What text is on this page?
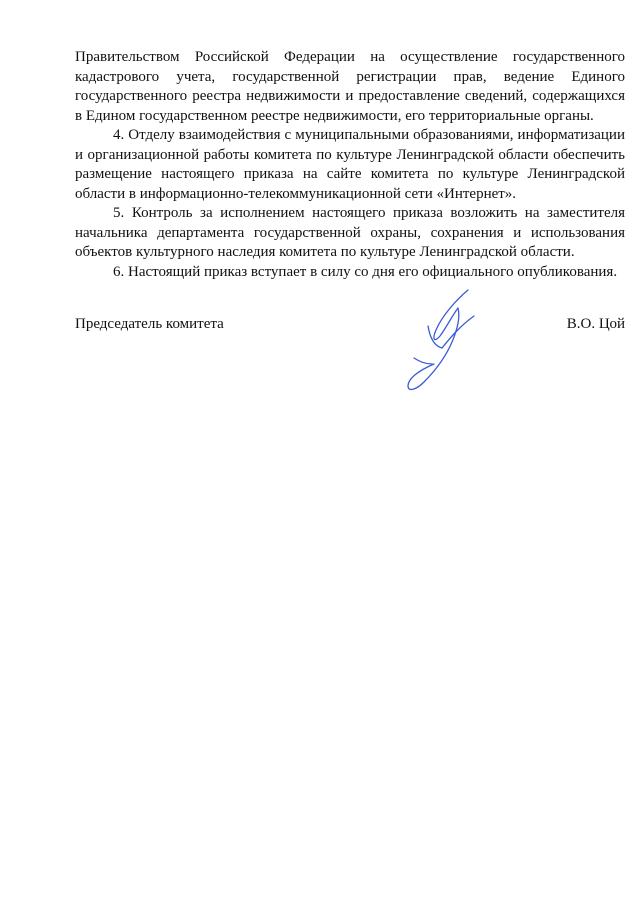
Правительством Российской Федерации на осуществление государственного кадастрового учета, государственной регистрации прав, ведение Единого государственного реестра недвижимости и предоставление сведений, содержащихся в Едином государственном реестре недвижимости, его территориальные органы.

4. Отделу взаимодействия с муниципальными образованиями, информатизации и организационной работы комитета по культуре Ленинградской области обеспечить размещение настоящего приказа на сайте комитета по культуре Ленинградской области в информационно-телекоммуникационной сети «Интернет».

5. Контроль за исполнением настоящего приказа возложить на заместителя начальника департамента государственной охраны, сохранения и использования объектов культурного наследия комитета по культуре Ленинградской области.

6. Настоящий приказ вступает в силу со дня его официального опубликования.

Председатель комитета	В.О. Цой
